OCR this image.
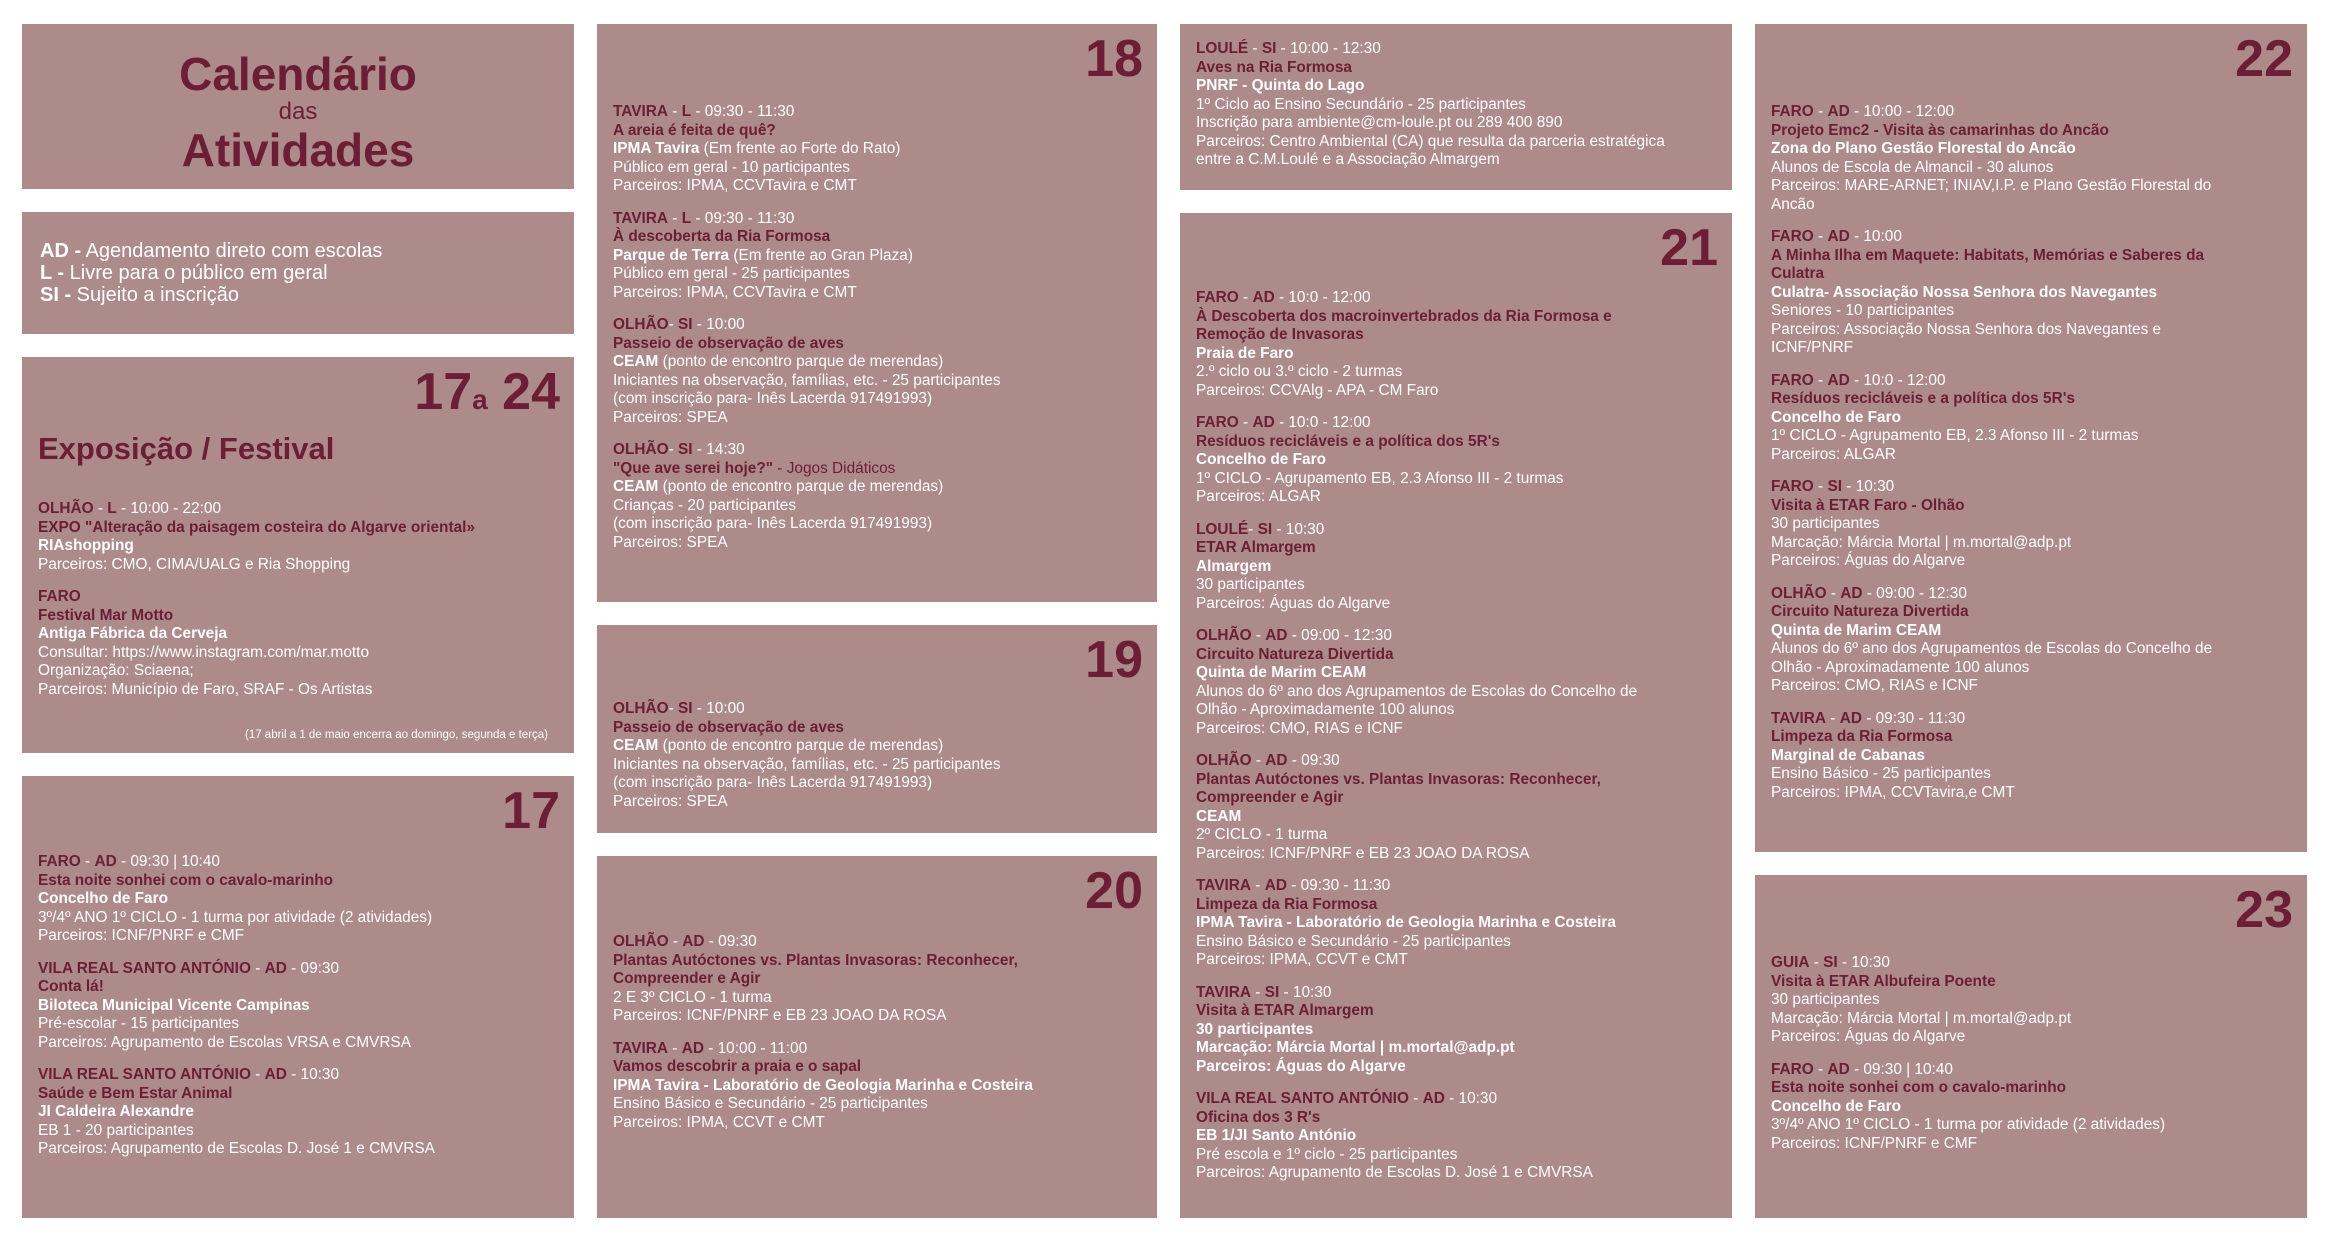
Calendário
das
Atividades
AD - Agendamento direto com escolas
L - Livre para o público em geral
SI - Sujeito a inscrição
17a 24
Exposição / Festival
OLHÃO - L - 10:00 - 22:00
EXPO "Alteração da paisagem costeira do Algarve oriental»
RIAshopping
Parceiros: CMO, CIMA/UALG e Ria Shopping
FARO
Festival Mar Motto
Antiga Fábrica da Cerveja
Consultar: https://www.instagram.com/mar.motto
Organização: Sciaena;
Parceiros: Município de Faro, SRAF - Os Artistas
(17 abril a 1 de maio encerra ao domingo, segunda e terça)
17
FARO - AD - 09:30 | 10:40
Esta noite sonhei com o cavalo-marinho
Concelho de Faro
3º/4º ANO 1º CICLO - 1 turma por atividade (2 atividades)
Parceiros: ICNF/PNRF e CMF
VILA REAL SANTO ANTÓNIO - AD - 09:30
Conta lá!
Biloteca Municipal Vicente Campinas
Pré-escolar - 15 participantes
Parceiros: Agrupamento de Escolas VRSA e CMVRSA
VILA REAL SANTO ANTÓNIO - AD - 10:30
Saúde e Bem Estar Animal
JI Caldeira Alexandre
EB 1 - 20 participantes
Parceiros: Agrupamento de Escolas D. José 1 e CMVRSA
18
TAVIRA - L - 09:30 - 11:30
A areia é feita de quê?
IPMA Tavira (Em frente ao Forte do Rato)
Público em geral - 10 participantes
Parceiros: IPMA, CCVTavira e CMT
TAVIRA - L - 09:30 - 11:30
À descoberta da Ria Formosa
Parque de Terra (Em frente ao Gran Plaza)
Público em geral - 25 participantes
Parceiros: IPMA, CCVTavira e CMT
OLHÃO- SI - 10:00
Passeio de observação de aves
CEAM (ponto de encontro parque de merendas)
Iniciantes na observação, famílias, etc. - 25 participantes
(com inscrição para- Inês Lacerda 917491993)
Parceiros: SPEA
OLHÃO- SI - 14:30
"Que ave serei hoje?" - Jogos Didáticos
CEAM (ponto de encontro parque de merendas)
Crianças - 20 participantes
(com inscrição para- Inês Lacerda 917491993)
Parceiros: SPEA
19
OLHÃO- SI - 10:00
Passeio de observação de aves
CEAM (ponto de encontro parque de merendas)
Iniciantes na observação, famílias, etc. - 25 participantes
(com inscrição para- Inês Lacerda 917491993)
Parceiros: SPEA
20
OLHÃO - AD - 09:30
Plantas Autóctones vs. Plantas Invasoras: Reconhecer,
Compreender e Agir
2 E 3º CICLO - 1 turma
Parceiros: ICNF/PNRF e EB 23 JOAO DA ROSA
TAVIRA - AD - 10:00 - 11:00
Vamos descobrir a praia e o sapal
IPMA Tavira - Laboratório de Geologia Marinha e Costeira
Ensino Básico e Secundário - 25 participantes
Parceiros: IPMA, CCVT e CMT
LOULÉ - SI - 10:00 - 12:30
Aves na Ria Formosa
PNRF - Quinta do Lago
1º Ciclo ao Ensino Secundário - 25 participantes
Inscrição para ambiente@cm-loule.pt ou 289 400 890
Parceiros: Centro Ambiental (CA) que resulta da parceria estratégica
entre a C.M.Loulé e a Associação Almargem
21
FARO - AD - 10:0 - 12:00
À Descoberta dos macroinvertebrados da Ria Formosa e
Remoção de Invasoras
Praia de Faro
2.º ciclo ou 3.º ciclo - 2 turmas
Parceiros: CCVAlg - APA - CM Faro
FARO - AD - 10:0 - 12:00
Resíduos recicláveis e a política dos 5R's
Concelho de Faro
1º CICLO - Agrupamento EB, 2.3 Afonso III - 2 turmas
Parceiros: ALGAR
LOULÉ- SI - 10:30
ETAR Almargem
Almargem
30 participantes
Parceiros: Águas do Algarve
OLHÃO - AD - 09:00 - 12:30
Circuito Natureza Divertida
Quinta de Marim CEAM
Alunos do 6º ano dos Agrupamentos de Escolas do Concelho de
Olhão - Aproximadamente 100 alunos
Parceiros: CMO, RIAS e ICNF
OLHÃO - AD - 09:30
Plantas Autóctones vs. Plantas Invasoras: Reconhecer,
Compreender e Agir
CEAM
2º CICLO - 1 turma
Parceiros: ICNF/PNRF e EB 23 JOAO DA ROSA
TAVIRA - AD - 09:30 - 11:30
Limpeza da Ria Formosa
IPMA Tavira - Laboratório de Geologia Marinha e Costeira
Ensino Básico e Secundário - 25 participantes
Parceiros: IPMA, CCVT e CMT
TAVIRA - SI - 10:30
Visita à ETAR Almargem
30 participantes
Marcação: Márcia Mortal | m.mortal@adp.pt
Parceiros: Águas do Algarve
VILA REAL SANTO ANTÓNIO - AD - 10:30
Oficina dos 3 R's
EB 1/JI Santo António
Pré escola e 1º ciclo - 25 participantes
Parceiros: Agrupamento de Escolas D. José 1 e CMVRSA
22
FARO - AD - 10:00 - 12:00
Projeto Emc2 - Visita às camarinhas do Ancão
Zona do Plano Gestão Florestal do Ancão
Alunos de Escola de Almancil - 30 alunos
Parceiros: MARE-ARNET; INIAV,I.P. e Plano Gestão Florestal do
Ancão
FARO - AD - 10:00
A Minha Ilha em Maquete: Habitats, Memórias e Saberes da
Culatra
Culatra- Associação Nossa Senhora dos Navegantes
Seniores - 10 participantes
Parceiros: Associação Nossa Senhora dos Navegantes e
ICNF/PNRF
FARO - AD - 10:0 - 12:00
Resíduos recicláveis e a política dos 5R's
Concelho de Faro
1º CICLO - Agrupamento EB, 2.3 Afonso III - 2 turmas
Parceiros: ALGAR
FARO - SI - 10:30
Visita à ETAR Faro - Olhão
30 participantes
Marcação: Márcia Mortal | m.mortal@adp.pt
Parceiros: Águas do Algarve
OLHÃO - AD - 09:00 - 12:30
Circuito Natureza Divertida
Quinta de Marim CEAM
Alunos do 6º ano dos Agrupamentos de Escolas do Concelho de
Olhão - Aproximadamente 100 alunos
Parceiros: CMO, RIAS e ICNF
TAVIRA - AD - 09:30 - 11:30
Limpeza da Ria Formosa
Marginal de Cabanas
Ensino Básico - 25 participantes
Parceiros: IPMA, CCVTavira,e CMT
23
GUIA - SI - 10:30
Visita à ETAR Albufeira Poente
30 participantes
Marcação: Márcia Mortal | m.mortal@adp.pt
Parceiros: Águas do Algarve
FARO - AD - 09:30 | 10:40
Esta noite sonhei com o cavalo-marinho
Concelho de Faro
3º/4º ANO 1º CICLO - 1 turma por atividade (2 atividades)
Parceiros: ICNF/PNRF e CMF
